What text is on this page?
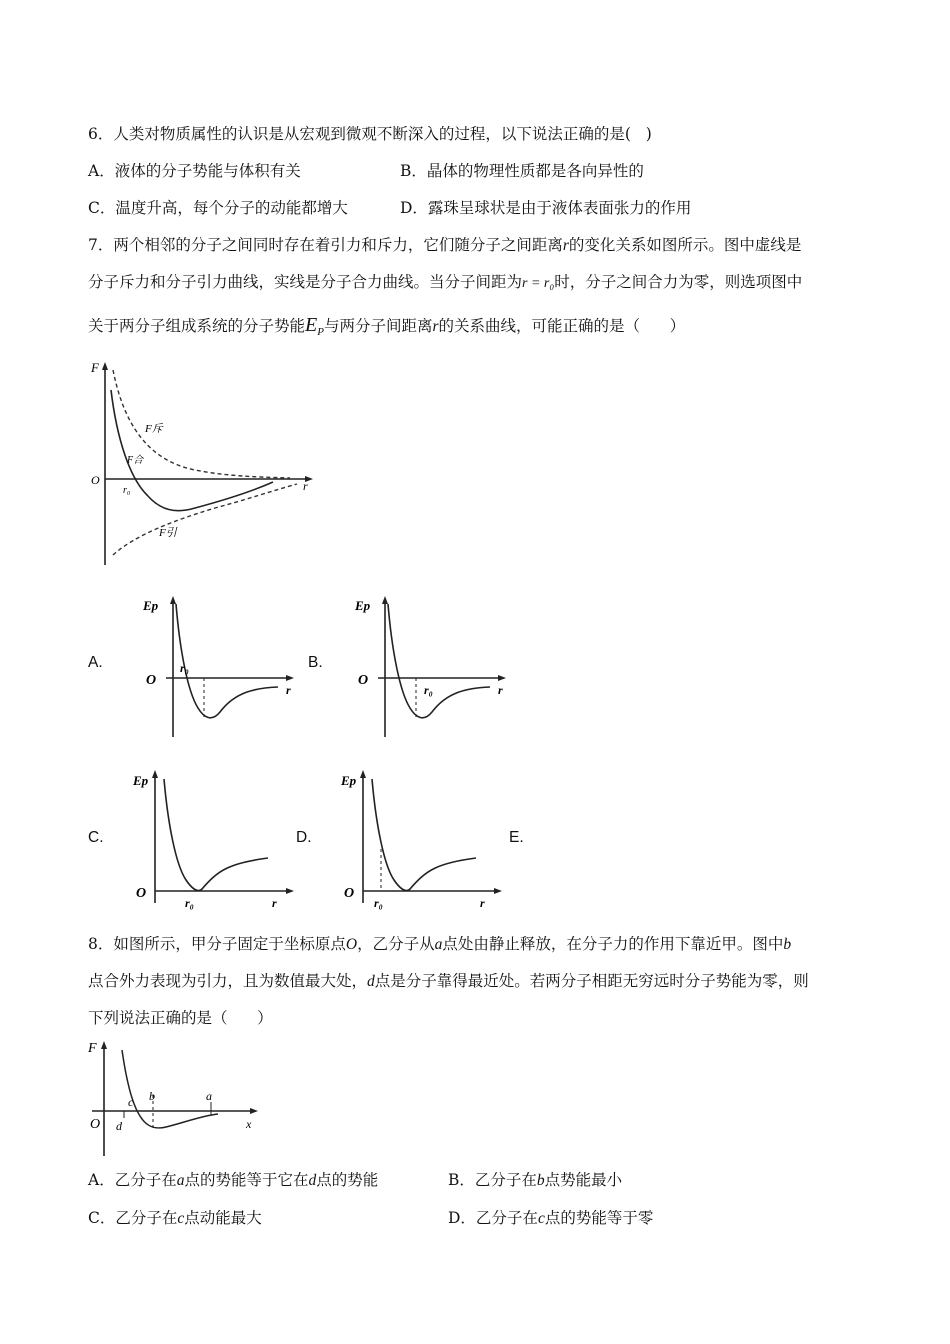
6．人类对物质属性的认识是从宏观到微观不断深入的过程，以下说法正确的是(   )
A．液体的分子势能与体积有关	B．晶体的物理性质都是各向异性的
C．温度升高，每个分子的动能都增大	D．露珠呈球状是由于液体表面张力的作用
7．两个相邻的分子之间同时存在着引力和斥力，它们随分子之间距离r的变化关系如图所示。图中虚线是
分子斥力和分子引力曲线，实线是分子合力曲线。当分子间距为r = r₀时，分子之间合力为零，则选项图中
关于两分子组成系统的分子势能$E_P$与两分子间距离r的关系曲线，可能正确的是（      ）
F
r
O
F斥
F合
r₀
F引
A.	B.
C.	D.	E.
Ep
O
r
r₀
Ep
O
r
r₀
Ep
O
r
r₀
Ep
O
r
r₀
8．如图所示，甲分子固定于坐标原点O，乙分子从a点处由静止释放，在分子力的作用下靠近甲。图中b
点合外力表现为引力，且为数值最大处，d点是分子靠得最近处。若两分子相距无穷远时分子势能为零，则
下列说法正确的是（      ）
F
x
O
c b	a
d
A．乙分子在a点的势能等于它在d点的势能	B．乙分子在b点势能最小
C．乙分子在c点动能最大	D．乙分子在c点的势能等于零
